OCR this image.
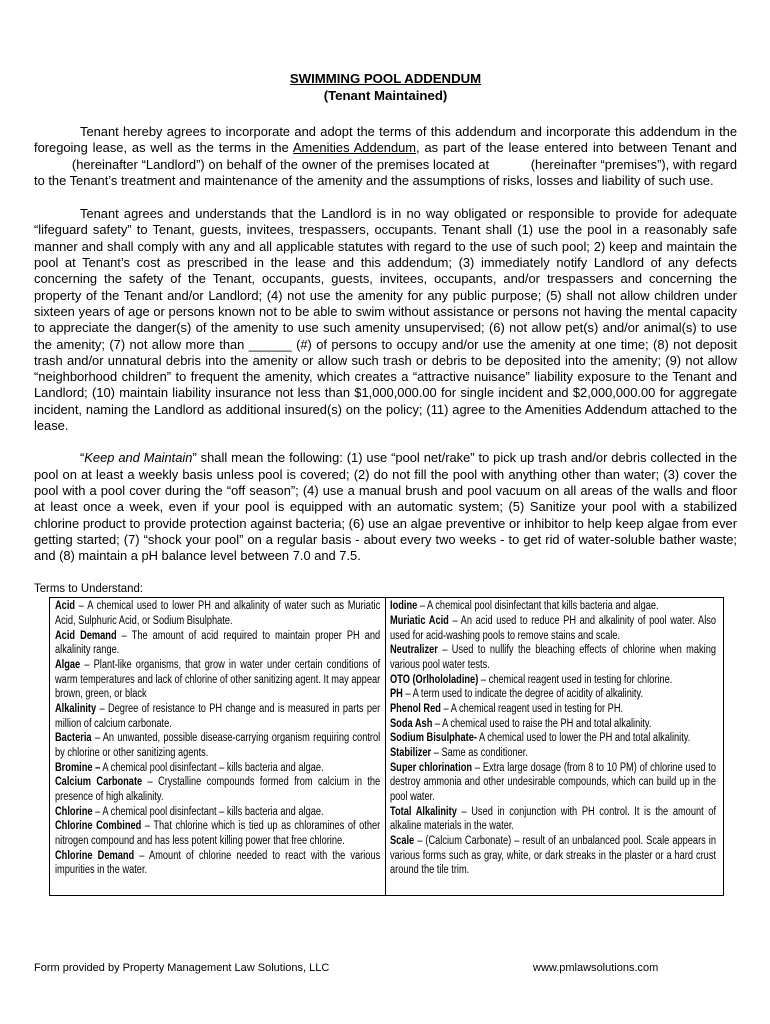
SWIMMING POOL ADDENDUM
(Tenant Maintained)

Tenant hereby agrees to incorporate and adopt the terms of this addendum and incorporate this addendum in the foregoing lease, as well as the terms in the Amenities Addendum, as part of the lease entered into between Tenant and           (hereinafter “Landlord”) on behalf of the owner of the premises located at           (hereinafter “premises”), with regard to the Tenant’s treatment and maintenance of the amenity and the assumptions of risks, losses and liability of such use.

Tenant agrees and understands that the Landlord is in no way obligated or responsible to provide for adequate “lifeguard safety” to Tenant, guests, invitees, trespassers, occupants. Tenant shall (1) use the pool in a reasonably safe manner and shall comply with any and all applicable statutes with regard to the use of such pool; 2) keep and maintain the pool at Tenant’s cost as prescribed in the lease and this addendum; (3) immediately notify Landlord of any defects concerning the safety of the Tenant, occupants, guests, invitees, occupants, and/or trespassers and concerning the property of the Tenant and/or Landlord; (4) not use the amenity for any public purpose; (5) shall not allow children under sixteen years of age or persons known not to be able to swim without assistance or persons not having the mental capacity to appreciate the danger(s) of the amenity to use such amenity unsupervised; (6) not allow pet(s) and/or animal(s) to use the amenity; (7) not allow more than ______ (#) of persons to occupy and/or use the amenity at one time; (8) not deposit trash and/or unnatural debris into the amenity or allow such trash or debris to be deposited into the amenity; (9) not allow “neighborhood children” to frequent the amenity, which creates a “attractive nuisance” liability exposure to the Tenant and Landlord; (10) maintain liability insurance not less than $1,000,000.00 for single incident and $2,000,000.00 for aggregate incident, naming the Landlord as additional insured(s) on the policy; (11) agree to the Amenities Addendum attached to the lease.

“Keep and Maintain” shall mean the following: (1) use “pool net/rake” to pick up trash and/or debris collected in the pool on at least a weekly basis unless pool is covered; (2) do not fill the pool with anything other than water; (3) cover the pool with a pool cover during the “off season”; (4) use a manual brush and pool vacuum on all areas of the walls and floor at least once a week, even if your pool is equipped with an automatic system; (5) Sanitize your pool with a stabilized chlorine product to provide protection against bacteria; (6) use an algae preventive or inhibitor to help keep algae from ever getting started; (7) “shock your pool” on a regular basis - about every two weeks - to get rid of water-soluble bather waste; and (8) maintain a pH balance level between 7.0 and 7.5.

Terms to Understand:

Acid – A chemical used to lower PH and alkalinity of water such as Muriatic Acid, Sulphuric Acid, or Sodium Bisulphate.

Acid Demand – The amount of acid required to maintain proper PH and alkalinity range.

Algae – Plant-like organisms, that grow in water under certain conditions of warm temperatures and lack of chlorine of other sanitizing agent. It may appear brown, green, or black

Alkalinity – Degree of resistance to PH change and is measured in parts per million of calcium carbonate.

Bacteria – An unwanted, possible disease-carrying organism requiring control by chlorine or other sanitizing agents.

Bromine – A chemical pool disinfectant – kills bacteria and algae.

Calcium Carbonate – Crystalline compounds formed from calcium in the presence of high alkalinity.

Chlorine – A chemical pool disinfectant – kills bacteria and algae.

Chlorine Combined – That chlorine which is tied up as chloramines of other nitrogen compound and has less potent killing power that free chlorine.

Chlorine Demand – Amount of chlorine needed to react with the various impurities in the water.

Iodine – A chemical pool disinfectant that kills bacteria and algae.

Muriatic Acid – An acid used to reduce PH and alkalinity of pool water. Also used for acid-washing pools to remove stains and scale.

Neutralizer – Used to nullify the bleaching effects of chlorine when making various pool water tests.

OTO (Orlhololadine) – chemical reagent used in testing for chlorine.

PH – A term used to indicate the degree of acidity of alkalinity.

Phenol Red – A chemical reagent used in testing for PH.

Soda Ash – A chemical used to raise the PH and total alkalinity.

Sodium Bisulphate- A chemical used to lower the PH and total alkalinity.

Stabilizer – Same as conditioner.

Super chlorination – Extra large dosage (from 8 to 10 PM) of chlorine used to destroy ammonia and other undesirable compounds, which can build up in the pool water.

Total Alkalinity – Used in conjunction with PH control. It is the amount of alkaline materials in the water.

Scale – (Calcium Carbonate) – result of an unbalanced pool. Scale appears in various forms such as gray, white, or dark streaks in the plaster or a hard crust around the tile trim.

Form provided by Property Management Law Solutions, LLC	www.pmlawsolutions.com
